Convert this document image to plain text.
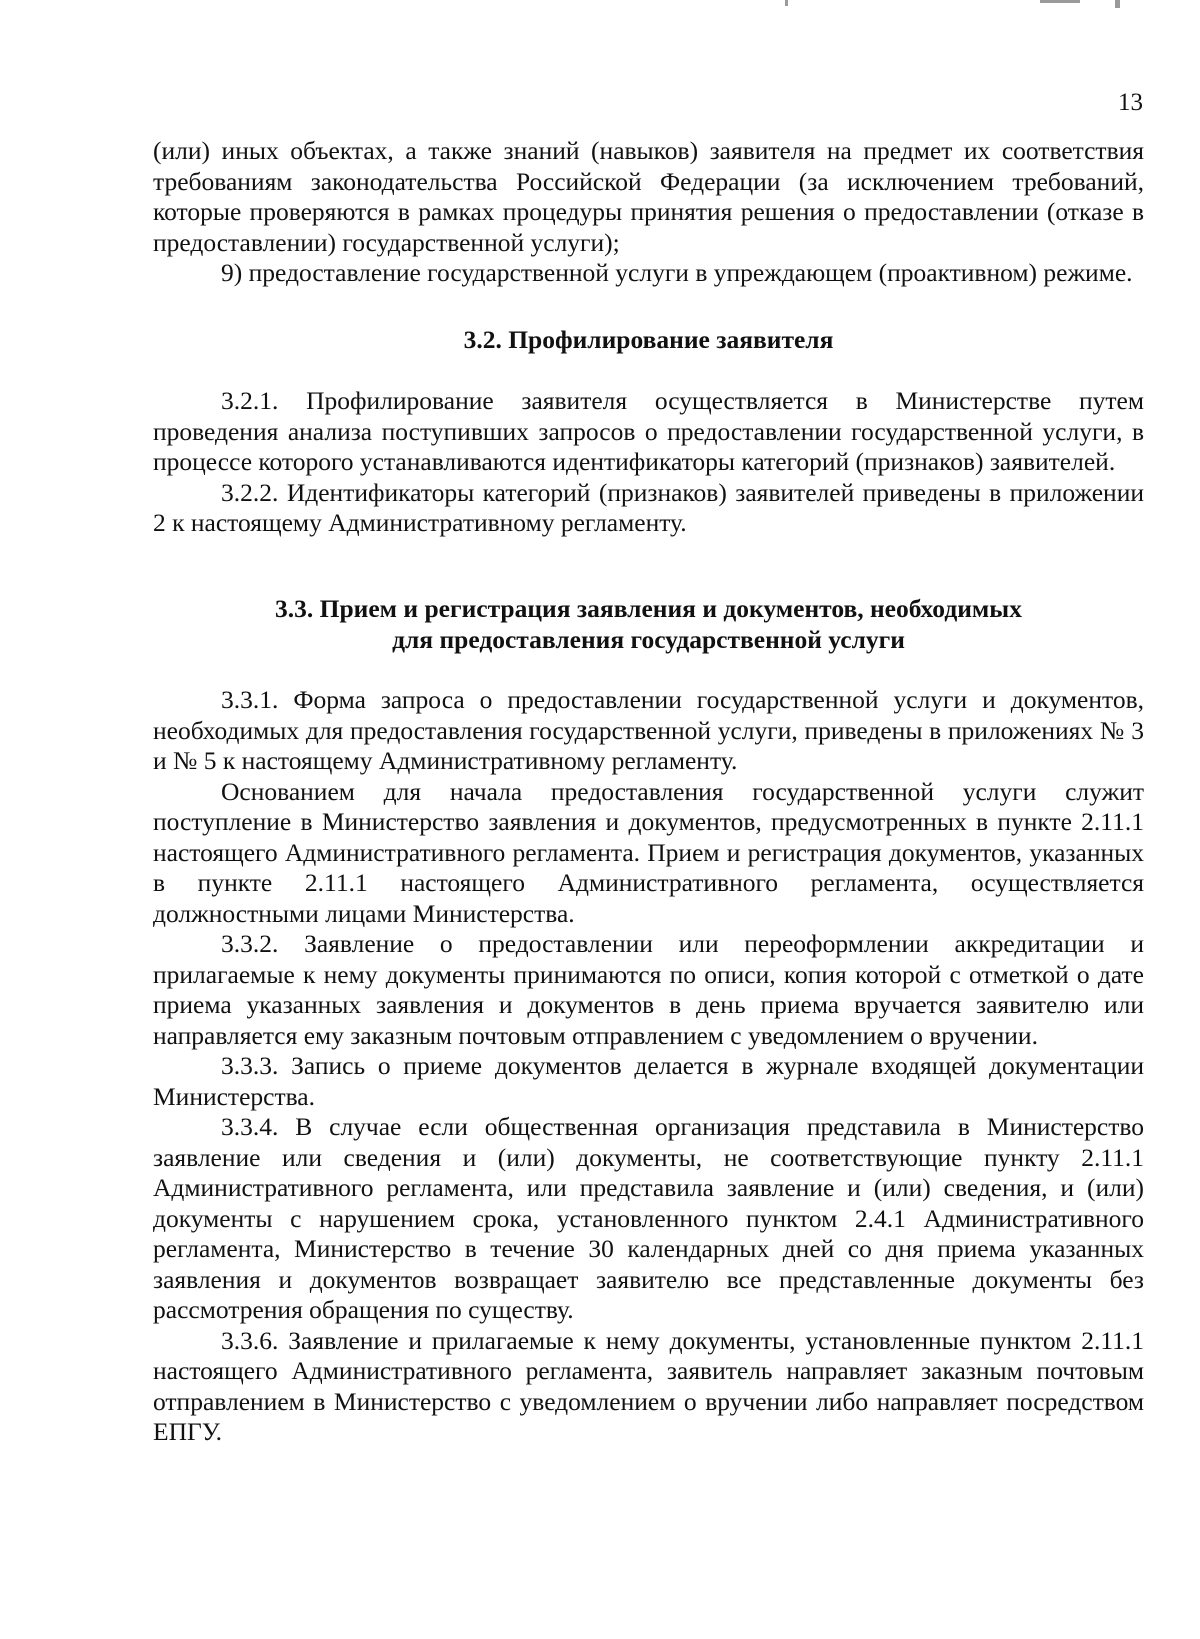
13

(или) иных объектах, а также знаний (навыков) заявителя на предмет их соответствия требованиям законодательства Российской Федерации (за исключением требований, которые проверяются в рамках процедуры принятия решения о предоставлении (отказе в предоставлении) государственной услуги);

9) предоставление государственной услуги в упреждающем (проактивном) режиме.

3.2. Профилирование заявителя

3.2.1. Профилирование заявителя осуществляется в Министерстве путем проведения анализа поступивших запросов о предоставлении государственной услуги, в процессе которого устанавливаются идентификаторы категорий (признаков) заявителей.

3.2.2. Идентификаторы категорий (признаков) заявителей приведены в приложении 2 к настоящему Административному регламенту.

3.3. Прием и регистрация заявления и документов, необходимых
для предоставления государственной услуги

3.3.1. Форма запроса о предоставлении государственной услуги и документов, необходимых для предоставления государственной услуги, приведены в приложениях № 3 и № 5 к настоящему Административному регламенту.

Основанием для начала предоставления государственной услуги служит поступление в Министерство заявления и документов, предусмотренных в пункте 2.11.1 настоящего Административного регламента. Прием и регистрация документов, указанных в пункте 2.11.1 настоящего Административного регламента, осуществляется должностными лицами Министерства.

3.3.2. Заявление о предоставлении или переоформлении аккредитации и прилагаемые к нему документы принимаются по описи, копия которой с отметкой о дате приема указанных заявления и документов в день приема вручается заявителю или направляется ему заказным почтовым отправлением с уведомлением о вручении.

3.3.3. Запись о приеме документов делается в журнале входящей документации Министерства.

3.3.4. В случае если общественная организация представила в Министерство заявление или сведения и (или) документы, не соответствующие пункту 2.11.1 Административного регламента, или представила заявление и (или) сведения, и (или) документы с нарушением срока, установленного пунктом 2.4.1 Административного регламента, Министерство в течение 30 календарных дней со дня приема указанных заявления и документов возвращает заявителю все представленные документы без рассмотрения обращения по существу.

3.3.6. Заявление и прилагаемые к нему документы, установленные пунктом 2.11.1 настоящего Административного регламента, заявитель направляет заказным почтовым отправлением в Министерство с уведомлением о вручении либо направляет посредством ЕПГУ.
